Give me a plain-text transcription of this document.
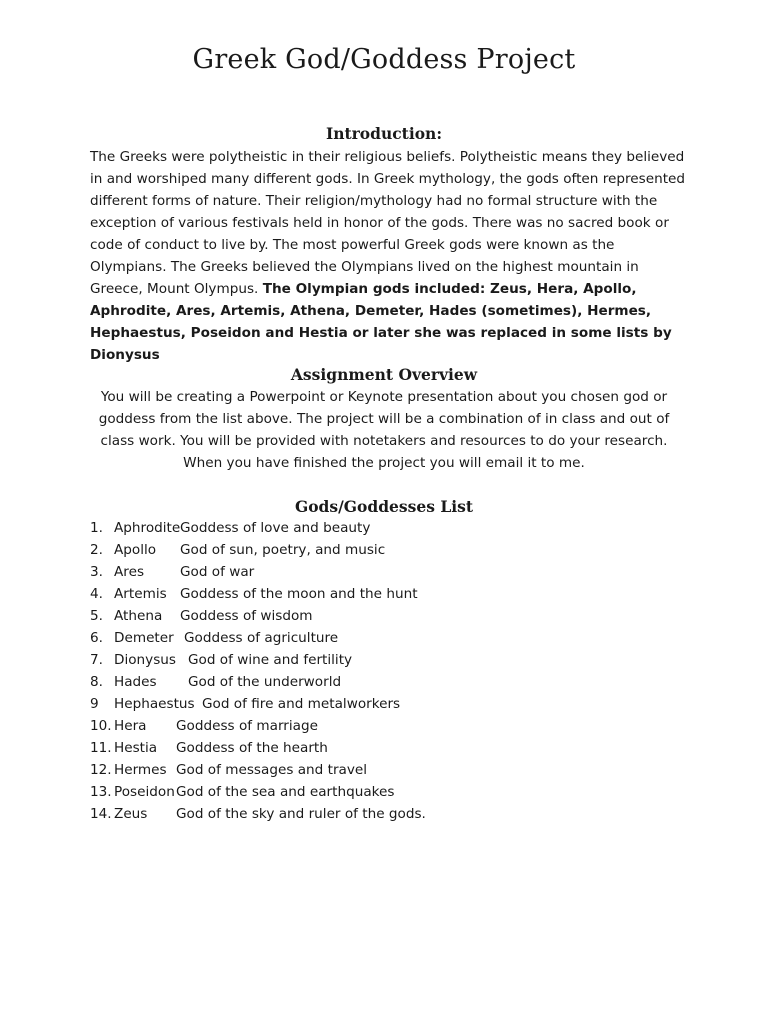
Greek God/Goddess Project
Introduction:

The Greeks were polytheistic in their religious beliefs. Polytheistic means they believed in and worshiped many different gods. In Greek mythology, the gods often represented different forms of nature. Their religion/mythology had no formal structure with the exception of various festivals held in honor of the gods. There was no sacred book or code of conduct to live by. The most powerful Greek gods were known as the Olympians. The Greeks believed the Olympians lived on the highest mountain in Greece, Mount Olympus. The Olympian gods included: Zeus, Hera, Apollo, Aphrodite, Ares, Artemis, Athena, Demeter, Hades (sometimes), Hermes, Hephaestus, Poseidon and Hestia or later she was replaced in some lists by Dionysus

Assignment Overview

You will be creating a Powerpoint or Keynote presentation about you chosen god or goddess from the list above. The project will be a combination of in class and out of class work. You will be provided with notetakers and resources to do your research. When you have finished the project you will email it to me.

Gods/Goddesses List
1. AphroditeGoddess of love and beauty
2. Apollo God of sun, poetry, and music
3. Ares	God of war
4. Artemis Goddess of the moon and the hunt
5. Athena Goddess of wisdom
6. Demeter Goddess of agriculture
7. Dionysus God of wine and fertility
8. Hades God of the underworld
9 Hephaestus God of fire and metalworkers
10. Hera Goddess of marriage
11. Hestia Goddess of the hearth
12. Hermes God of messages and travel
13. PoseidonGod of the sea and earthquakes
14. Zeus God of the sky and ruler of the gods.
